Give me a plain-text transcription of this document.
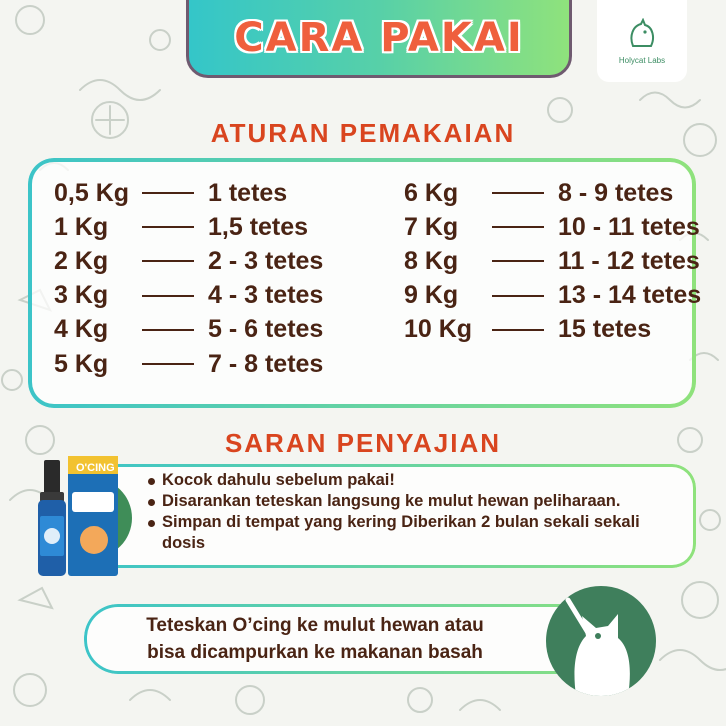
CARA PAKAI	Holycat Labs
ATURAN PEMAKAIAN
0,5 Kg	1 tetes
1 Kg	1,5 tetes
2 Kg	2 - 3 tetes
3 Kg	4 - 3 tetes
4 Kg	5 - 6 tetes
5 Kg	7 - 8 tetes
6 Kg	8 - 9 tetes
7 Kg	10 - 11 tetes
8 Kg	11 - 12 tetes
9 Kg	13 - 14 tetes
10 Kg	15 tetes
SARAN PENYAJIAN
O'CING
Kocok dahulu sebelum pakai!
Disarankan teteskan langsung ke mulut hewan peliharaan.
Simpan di tempat yang kering Diberikan 2 bulan sekali sekali dosis
Teteskan O’cing ke mulut hewan atau
bisa dicampurkan ke makanan basah
